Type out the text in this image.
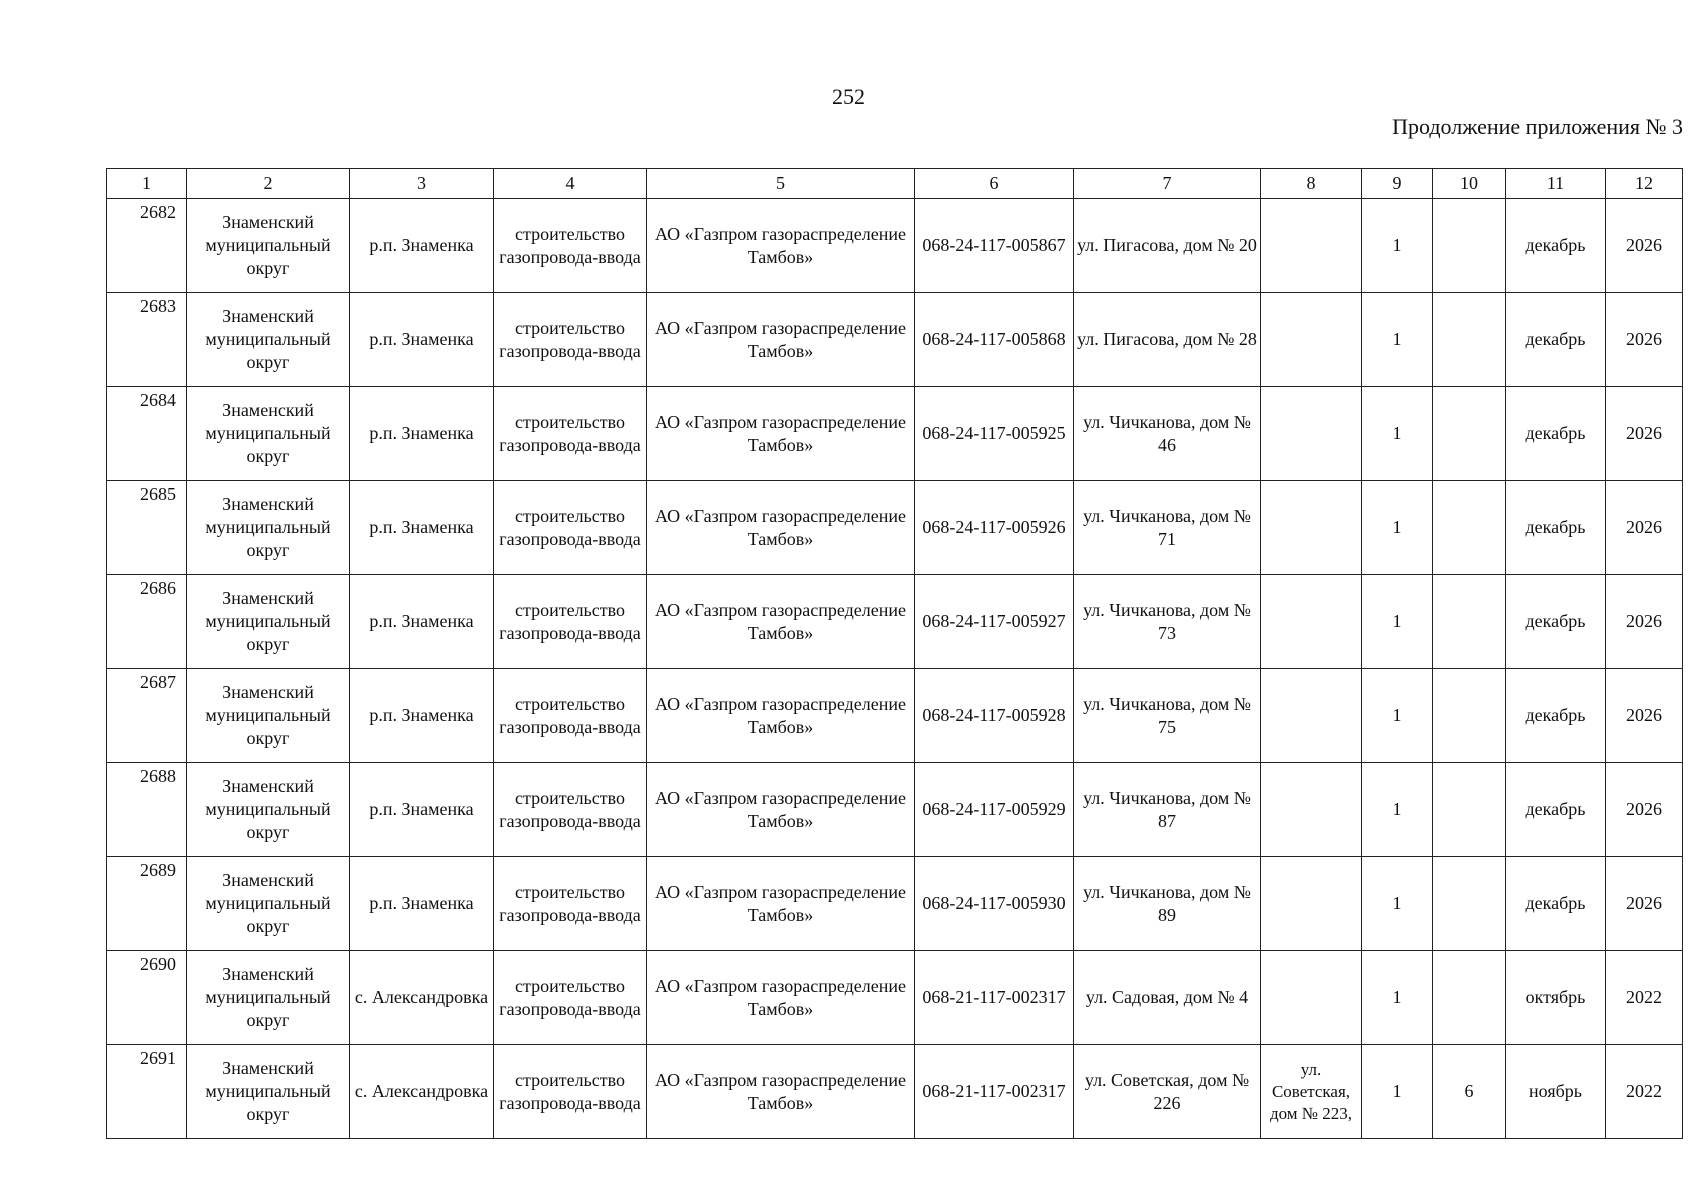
252
Продолжение приложения № 3
1	2	3	4	5	6	7	8	9	10	11	12
2682	Знаменский муниципальный округ	р.п. Знаменка	строительство газопровода-ввода	АО «Газпром газораспределение Тамбов»	068-24-117-005867	ул. Пигасова, дом № 20		1		декабрь	2026
2683	Знаменский муниципальный округ	р.п. Знаменка	строительство газопровода-ввода	АО «Газпром газораспределение Тамбов»	068-24-117-005868	ул. Пигасова, дом № 28		1		декабрь	2026
2684	Знаменский муниципальный округ	р.п. Знаменка	строительство газопровода-ввода	АО «Газпром газораспределение Тамбов»	068-24-117-005925	ул. Чичканова, дом № 46		1		декабрь	2026
2685	Знаменский муниципальный округ	р.п. Знаменка	строительство газопровода-ввода	АО «Газпром газораспределение Тамбов»	068-24-117-005926	ул. Чичканова, дом № 71		1		декабрь	2026
2686	Знаменский муниципальный округ	р.п. Знаменка	строительство газопровода-ввода	АО «Газпром газораспределение Тамбов»	068-24-117-005927	ул. Чичканова, дом № 73		1		декабрь	2026
2687	Знаменский муниципальный округ	р.п. Знаменка	строительство газопровода-ввода	АО «Газпром газораспределение Тамбов»	068-24-117-005928	ул. Чичканова, дом № 75		1		декабрь	2026
2688	Знаменский муниципальный округ	р.п. Знаменка	строительство газопровода-ввода	АО «Газпром газораспределение Тамбов»	068-24-117-005929	ул. Чичканова, дом № 87		1		декабрь	2026
2689	Знаменский муниципальный округ	р.п. Знаменка	строительство газопровода-ввода	АО «Газпром газораспределение Тамбов»	068-24-117-005930	ул. Чичканова, дом № 89		1		декабрь	2026
2690	Знаменский муниципальный округ	с. Александровка	строительство газопровода-ввода	АО «Газпром газораспределение Тамбов»	068-21-117-002317	ул. Садовая, дом № 4		1		октябрь	2022
2691	Знаменский муниципальный округ	с. Александровка	строительство газопровода-ввода	АО «Газпром газораспределение Тамбов»	068-21-117-002317	ул. Советская, дом № 226	ул. Советская, дом № 223,	1	6	ноябрь	2022
